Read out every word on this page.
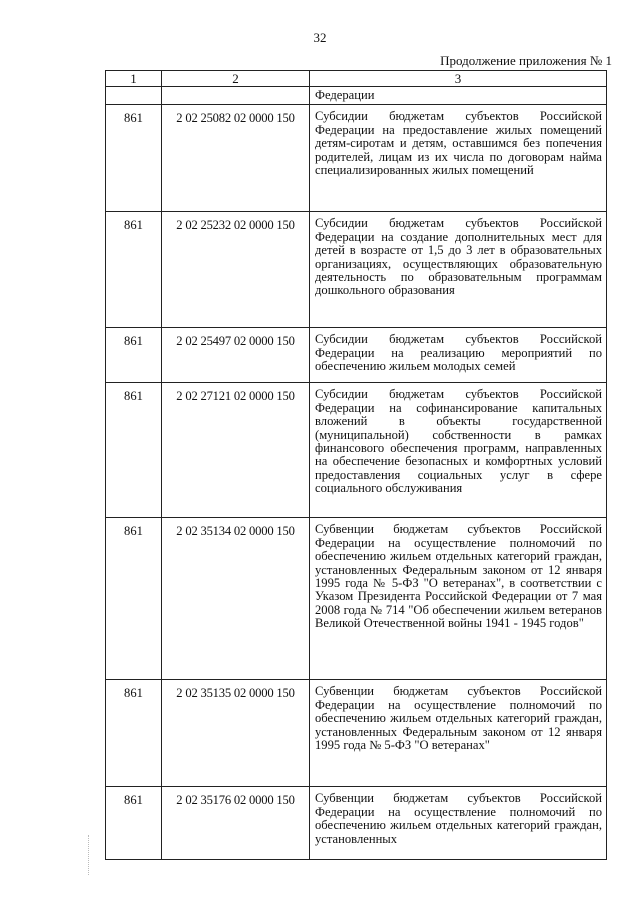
32
Продолжение приложения № 1
1	2	3
		Федерации
861	2 02 25082 02 0000 150	Субсидии бюджетам субъектов Российской Федерации на предоставление жилых помещений детям-сиротам и детям, оставшимся без попечения родителей, лицам из их числа по договорам найма специализированных жилых помещений
861	2 02 25232 02 0000 150	Субсидии бюджетам субъектов Российской Федерации на создание дополнительных мест для детей в возрасте от 1,5 до 3 лет в образовательных организациях, осуществляющих образовательную деятельность по образовательным программам дошкольного образования
861	2 02 25497 02 0000 150	Субсидии бюджетам субъектов Российской Федерации на реализацию мероприятий по обеспечению жильем молодых семей
861	2 02 27121 02 0000 150	Субсидии бюджетам субъектов Российской Федерации на софинансирование капитальных вложений в объекты государственной (муниципальной) собственности в рамках финансового обеспечения программ, направленных на обеспечение безопасных и комфортных условий предоставления социальных услуг в сфере социального обслуживания
861	2 02 35134 02 0000 150	Субвенции бюджетам субъектов Российской Федерации на осуществление полномочий по обеспечению жильем отдельных категорий граждан, установленных Федеральным законом от 12 января 1995 года № 5-ФЗ "О ветеранах", в соответствии с Указом Президента Российской Федерации от 7 мая 2008 года № 714 "Об обеспечении жильем ветеранов Великой Отечественной войны 1941 - 1945 годов"
861	2 02 35135 02 0000 150	Субвенции бюджетам субъектов Российской Федерации на осуществление полномочий по обеспечению жильем отдельных категорий граждан, установленных Федеральным законом от 12 января 1995 года № 5-ФЗ "О ветеранах"
861	2 02 35176 02 0000 150	Субвенции бюджетам субъектов Российской Федерации на осуществление полномочий по обеспечению жильем отдельных категорий граждан, установленных
